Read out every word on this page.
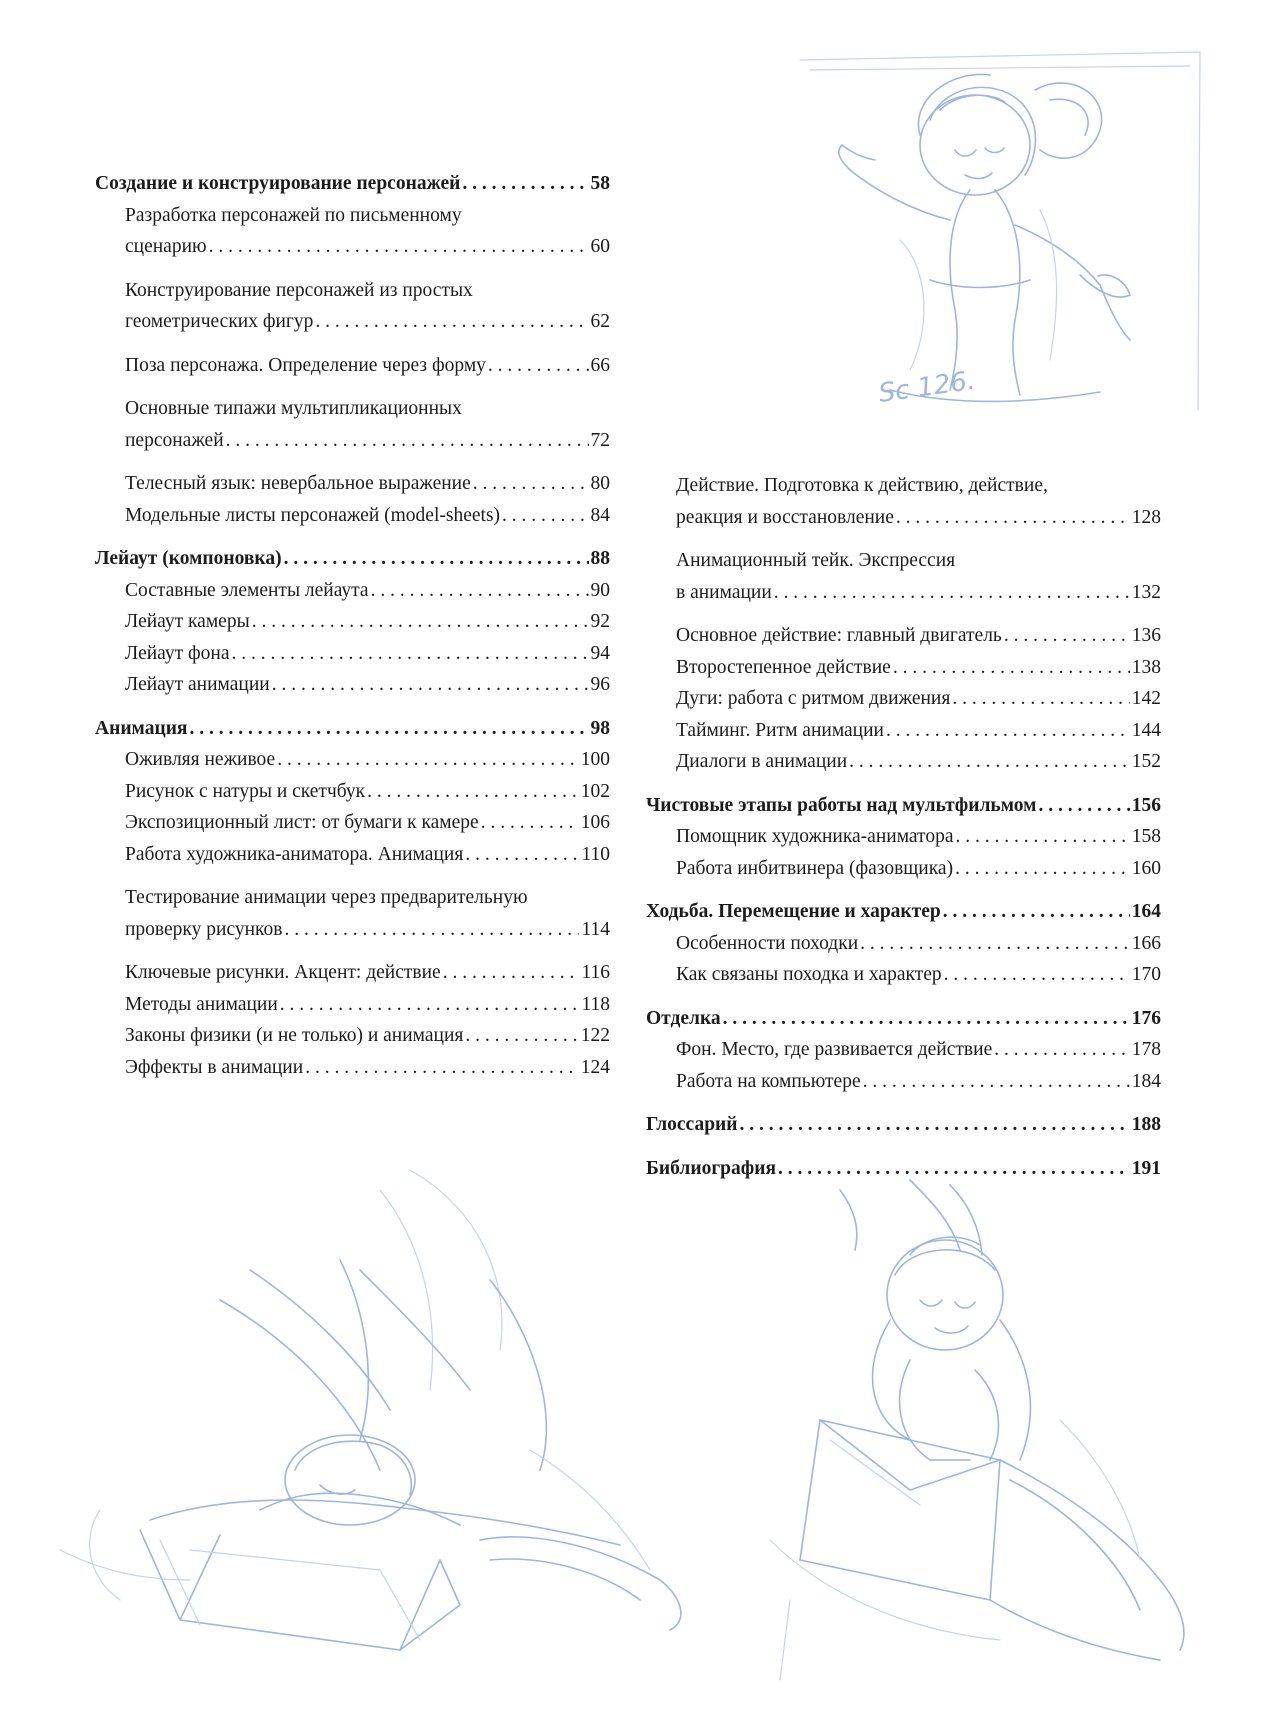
Sc 126.
Создание и конструирование персонажей . . .	58
Разработка персонажей по письменному
сценарию . . .	60
Конструирование персонажей из простых
геометрических фигур . . .	62
Поза персонажа. Определение через форму . . .	66
Основные типажи мультипликационных
персонажей . . .	72
Телесный язык: невербальное выражение . . .	80
Модельные листы персонажей (model-sheets) . . .	84
Лейаут (компоновка) . . .	88
Составные элементы лейаута . . .	90
Лейаут камеры . . .	92
Лейаут фона . . .	94
Лейаут анимации . . .	96
Анимация . . .	98
Оживляя неживое . . .	100
Рисунок с натуры и скетчбук . . .	102
Экспозиционный лист: от бумаги к камере . . .	106
Работа художника-аниматора. Анимация . . .	110
Тестирование анимации через предварительную
проверку рисунков . . .	114
Ключевые рисунки. Акцент: действие . . .	116
Методы анимации . . .	118
Законы физики (и не только) и анимация . . .	122
Эффекты в анимации . . .	124
Действие. Подготовка к действию, действие,
реакция и восстановление . . .	128
Анимационный тейк. Экспрессия
в анимации . . .	132
Основное действие: главный двигатель . . .	136
Второстепенное действие . . .	138
Дуги: работа с ритмом движения . . .	142
Тайминг. Ритм анимации . . .	144
Диалоги в анимации . . .	152
Чистовые этапы работы над мультфильмом . . .	156
Помощник художника-аниматора . . .	158
Работа инбитвинера (фазовщика) . . .	160
Ходьба. Перемещение и характер . . .	164
Особенности походки . . .	166
Как связаны походка и характер . . .	170
Отделка . . .	176
Фон. Место, где развивается действие . . .	178
Работа на компьютере . . .	184
Глоссарий . . .	188
Библиография . . .	191
